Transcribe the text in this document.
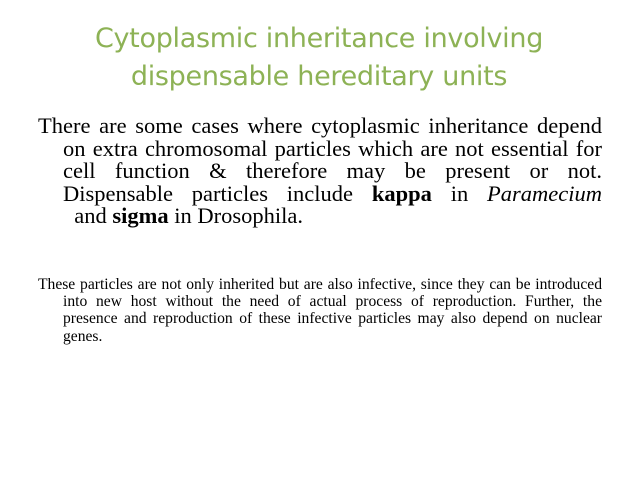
Cytoplasmic inheritance involving
dispensable hereditary units
There are some cases where cytoplasmic inheritance depend on extra chromosomal particles which are not essential for cell function & therefore may be present or not. Dispensable particles include kappa in Paramecium  and sigma in Drosophila.
These particles are not only inherited but are also infective, since they can be introduced into new host without the need of actual process of reproduction. Further, the presence and reproduction of these infective particles may also depend on nuclear genes.
